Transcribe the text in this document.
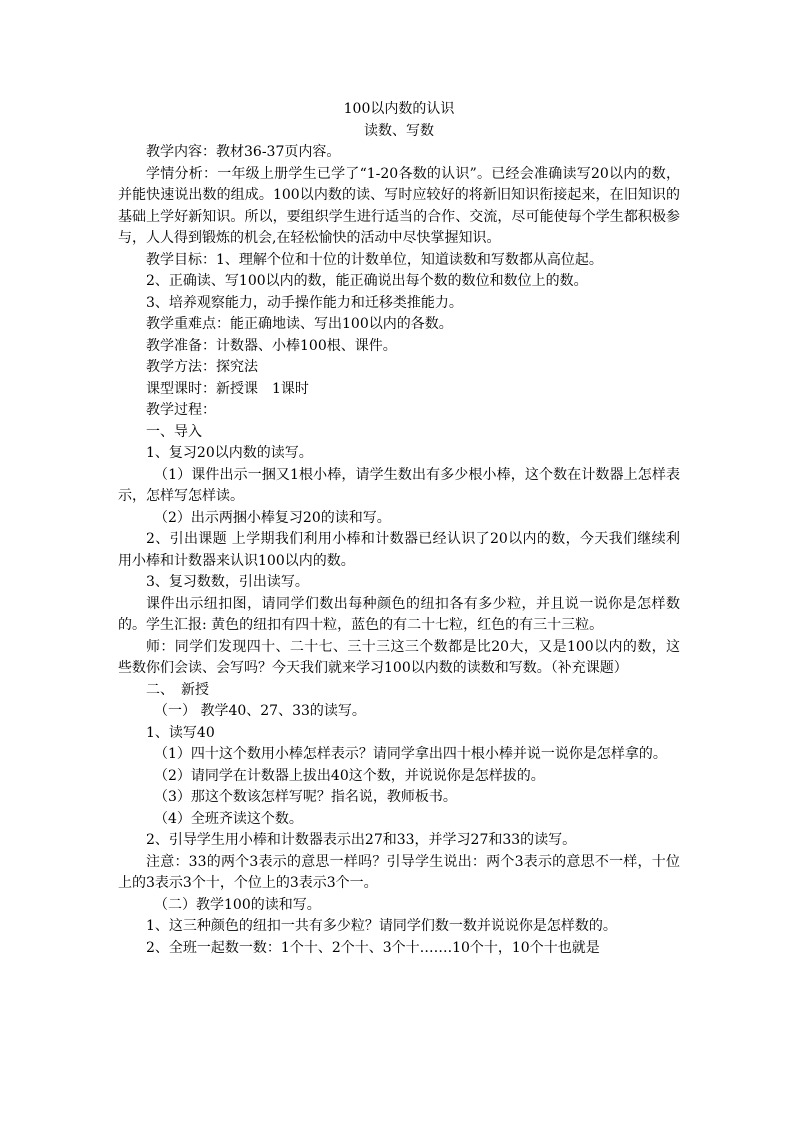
100以内数的认识

读数、写数

教学内容：教材36-37页内容。

学情分析：一年级上册学生已学了“1-20各数的认识”。已经会准确读写20以内的数，并能快速说出数的组成。100以内数的读、写时应较好的将新旧知识衔接起来，在旧知识的基础上学好新知识。所以，要组织学生进行适当的合作、交流，尽可能使每个学生都积极参与，人人得到锻炼的机会,在轻松愉快的活动中尽快掌握知识。

教学目标：1、理解个位和十位的计数单位，知道读数和写数都从高位起。

2、正确读、写100以内的数，能正确说出每个数的数位和数位上的数。

3、培养观察能力，动手操作能力和迁移类推能力。

教学重难点：能正确地读、写出100以内的各数。

教学准备：计数器、小棒100根、课件。

教学方法：探究法

课型课时：新授课　1课时

教学过程：

一、导入

1、复习20以内数的读写。

（1）课件出示一捆又1根小棒，请学生数出有多少根小棒，这个数在计数器上怎样表示，怎样写怎样读。

（2）出示两捆小棒复习20的读和写。

2、引出课题 上学期我们利用小棒和计数器已经认识了20以内的数，今天我们继续利用小棒和计数器来认识100以内的数。

3、复习数数，引出读写。

课件出示纽扣图，请同学们数出每种颜色的纽扣各有多少粒，并且说一说你是怎样数的。学生汇报: 黄色的纽扣有四十粒，蓝色的有二十七粒，红色的有三十三粒。

师：同学们发现四十、二十七、三十三这三个数都是比20大，又是100以内的数，这些数你们会读、会写吗？今天我们就来学习100以内数的读数和写数。（补充课题）

二、　新授

（一） 教学40、27、33的读写。

1、读写40

（1）四十这个数用小棒怎样表示？请同学拿出四十根小棒并说一说你是怎样拿的。

（2）请同学在计数器上拔出40这个数，并说说你是怎样拔的。

（3）那这个数该怎样写呢？指名说，教师板书。

（4）全班齐读这个数。

2、引导学生用小棒和计数器表示出27和33，并学习27和33的读写。

注意：33的两个3表示的意思一样吗？引导学生说出：两个3表示的意思不一样，十位上的3表示3个十，个位上的3表示3个一。

（二）教学100的读和写。

1、这三种颜色的纽扣一共有多少粒？请同学们数一数并说说你是怎样数的。

2、全班一起数一数：1个十、2个十、3个十…….10个十，10个十也就是
